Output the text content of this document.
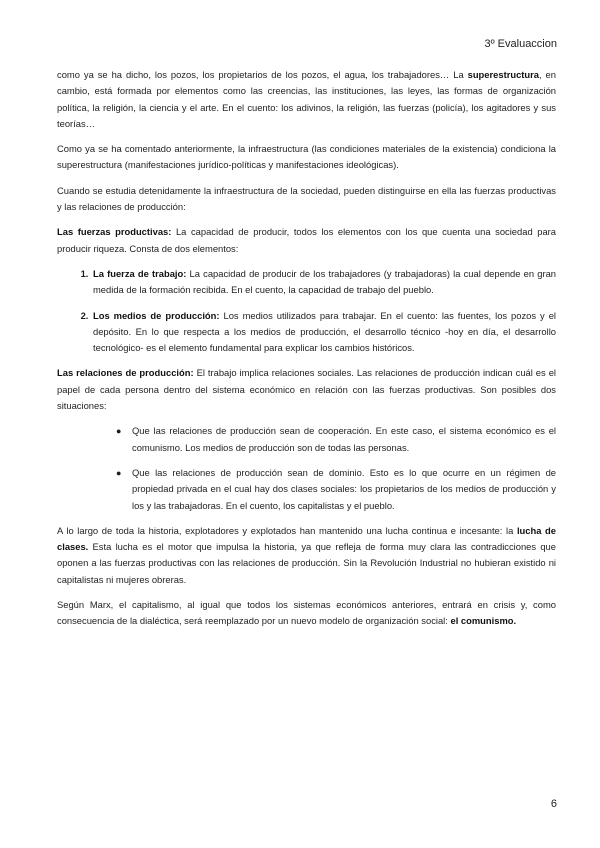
3º Evaluaccion

como ya se ha dicho, los pozos, los propietarios de los pozos, el agua, los trabajadores… La superestructura, en cambio, está formada por elementos como las creencias, las instituciones, las leyes, las formas de organización política, la religión, la ciencia y el arte. En el cuento: los adivinos, la religión, las fuerzas (policía), los agitadores y sus teorías…

Como ya se ha comentado anteriormente, la infraestructura (las condiciones materiales de la existencia) condiciona la superestructura (manifestaciones jurídico-políticas y manifestaciones ideológicas).

Cuando se estudia detenidamente la infraestructura de la sociedad, pueden distinguirse en ella las fuerzas productivas y las relaciones de producción:

Las fuerzas productivas: La capacidad de producir, todos los elementos con los que cuenta una sociedad para producir riqueza. Consta de dos elementos:

1. La fuerza de trabajo: La capacidad de producir de los trabajadores (y trabajadoras) la cual depende en gran medida de la formación recibida. En el cuento, la capacidad de trabajo del pueblo.
2. Los medios de producción: Los medios utilizados para trabajar. En el cuento: las fuentes, los pozos y el depósito. En lo que respecta a los medios de producción, el desarrollo técnico -hoy en día, el desarrollo tecnológico- es el elemento fundamental para explicar los cambios históricos.

Las relaciones de producción: El trabajo implica relaciones sociales. Las relaciones de producción indican cuál es el papel de cada persona dentro del sistema económico en relación con las fuerzas productivas. Son posibles dos situaciones:

● Que las relaciones de producción sean de cooperación. En este caso, el sistema económico es el comunismo. Los medios de producción son de todas las personas.
● Que las relaciones de producción sean de dominio. Esto es lo que ocurre en un régimen de propiedad privada en el cual hay dos clases sociales: los propietarios de los medios de producción y los y las trabajadoras. En el cuento, los capitalistas y el pueblo.

A lo largo de toda la historia, explotadores y explotados han mantenido una lucha continua e incesante: la lucha de clases. Esta lucha es el motor que impulsa la historia, ya que refleja de forma muy clara las contradicciones que oponen a las fuerzas productivas con las relaciones de producción. Sin la Revolución Industrial no hubieran existido ni capitalistas ni mujeres obreras.

Según Marx, el capitalismo, al igual que todos los sistemas económicos anteriores, entrará en crisis y, como consecuencia de la dialéctica, será reemplazado por un nuevo modelo de organización social: el comunismo.

6
